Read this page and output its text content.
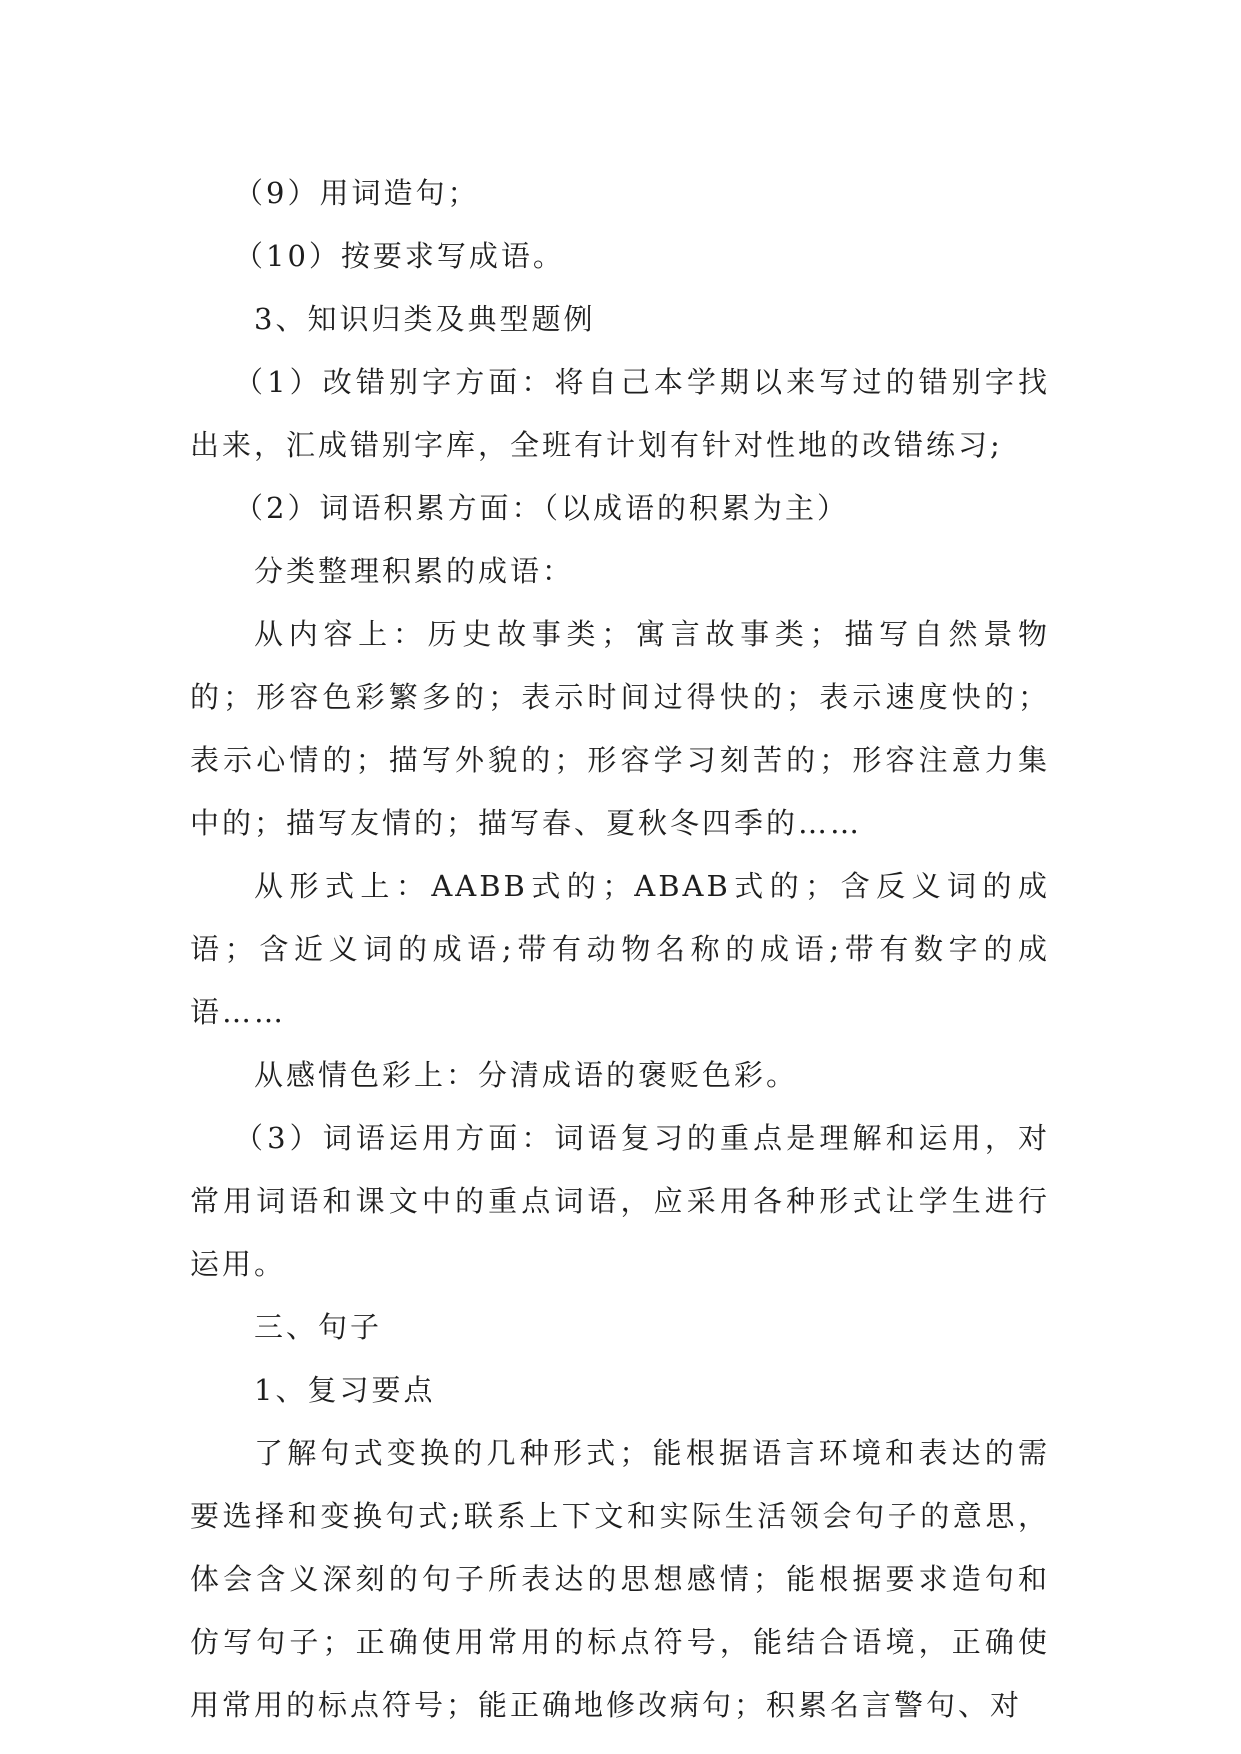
（9）用词造句；

（10）按要求写成语。

3、知识归类及典型题例

（1）改错别字方面：将自己本学期以来写过的错别字找出来，汇成错别字库，全班有计划有针对性地的改错练习;

（2）词语积累方面：（以成语的积累为主）

分类整理积累的成语：

从内容上：历史故事类；寓言故事类；描写自然景物的；形容色彩繁多的；表示时间过得快的；表示速度快的；表示心情的；描写外貌的；形容学习刻苦的；形容注意力集中的；描写友情的；描写春、夏秋冬四季的……

从形式上：AABB式的；ABAB式的；含反义词的成语；含近义词的成语;带有动物名称的成语;带有数字的成语……

从感情色彩上：分清成语的褒贬色彩。

（3）词语运用方面：词语复习的重点是理解和运用，对常用词语和课文中的重点词语，应采用各种形式让学生进行运用。

三、句子

1、复习要点

了解句式变换的几种形式；能根据语言环境和表达的需要选择和变换句式;联系上下文和实际生活领会句子的意思，体会含义深刻的句子所表达的思想感情；能根据要求造句和仿写句子；正确使用常用的标点符号，能结合语境，正确使用常用的标点符号；能正确地修改病句；积累名言警句、对
